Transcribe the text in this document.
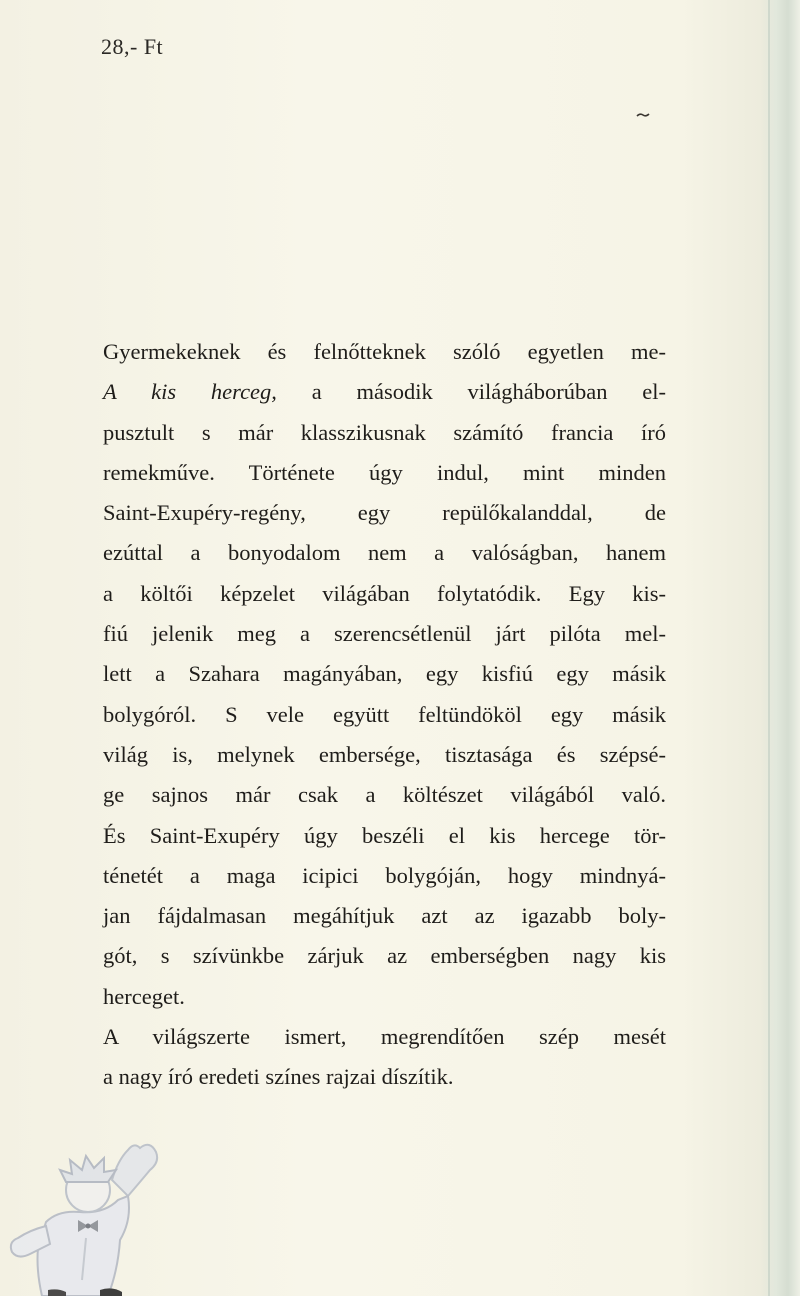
28,- Ft

Gyermekeknek és felnőtteknek szóló egyetlen me-
A kis herceg, a második világháborúban el-
pusztult s már klasszikusnak számító francia író
remekműve. Története úgy indul, mint minden
Saint-Exupéry-regény, egy repülőkalanddal, de
ezúttal a bonyodalom nem a valóságban, hanem
a költői képzelet világában folytatódik. Egy kis-
fiú jelenik meg a szerencsétlenül járt pilóta mel-
lett a Szahara magányában, egy kisfiú egy másik
bolygóról. S vele együtt feltündököl egy másik
világ is, melynek embersége, tisztasága és szépsé-
ge sajnos már csak a költészet világából való.
És Saint-Exupéry úgy beszéli el kis hercege tör-
ténetét a maga icipici bolygóján, hogy mindnyá-
jan fájdalmasan megáhítjuk azt az igazabb boly-
gót, s szívünkbe zárjuk az emberségben nagy kis
herceget.

A világszerte ismert, megrendítően szép mesét
a nagy író eredeti színes rajzai díszítik.
